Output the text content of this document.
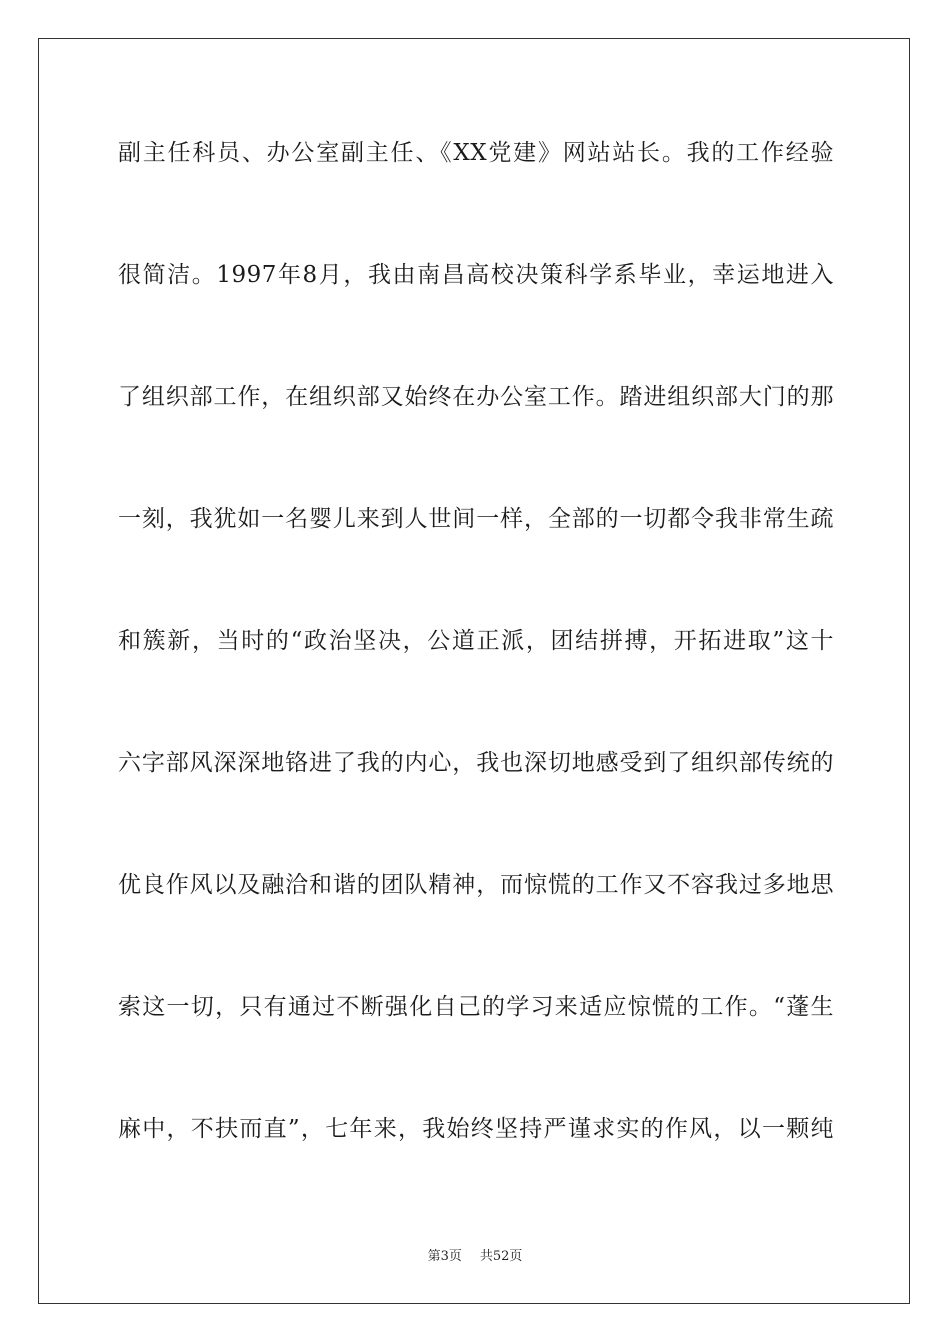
副主任科员、办公室副主任、《XX党建》网站站长。我的工作经验
很简洁。1997年8月，我由南昌高校决策科学系毕业，幸运地进入
了组织部工作，在组织部又始终在办公室工作。踏进组织部大门的那
一刻，我犹如一名婴儿来到人世间一样，全部的一切都令我非常生疏
和簇新，当时的“政治坚决，公道正派，团结拼搏，开拓进取”这十
六字部风深深地铬进了我的内心，我也深切地感受到了组织部传统的
优良作风以及融洽和谐的团队精神，而惊慌的工作又不容我过多地思
索这一切，只有通过不断强化自己的学习来适应惊慌的工作。“蓬生
麻中，不扶而直”，七年来，我始终坚持严谨求实的作风，以一颗纯
第3页 共52页
